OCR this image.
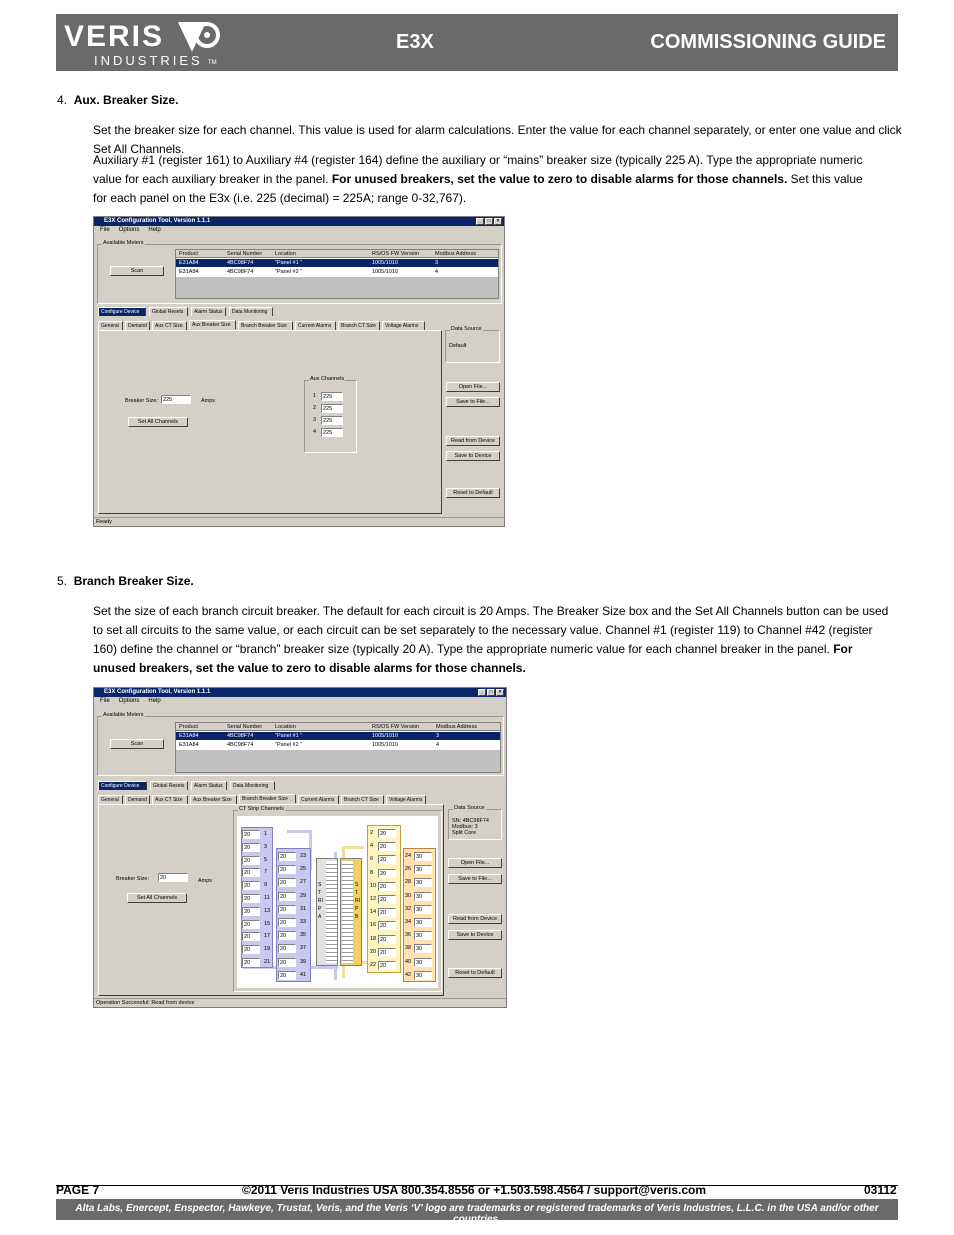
VERIS
INDUSTRIES TM
E3X	COMMISSIONING GUIDE
4. Aux. Breaker Size.
Set the breaker size for each channel. This value is used for alarm calculations. Enter the value for each channel separately, or enter one value and click Set All Channels.
Auxiliary #1 (register 161) to Auxiliary #4 (register 164) define the auxiliary or “mains” breaker size (typically 225 A). Type the appropriate numeric value for each auxiliary breaker in the panel. For unused breakers, set the value to zero to disable alarms for those channels. Set this value for each panel on the E3x (i.e. 225 (decimal) = 225A; range 0-32,767).
E3X Configuration Tool, Version 1.1.1	_	□	×
File Options Help
Available Meters
Scan
Product	Serial Number Location	RS/OS FW Version	Modbus Address
E31A84	4BC98F74	"Panel #1 "	1005/1010	3
E31A84	4BC98F74	"Panel #2 "	1005/1010	4
Configure Device	Global Resets	Alarm Status	Data Monitoring
General	Demand	Aux CT Size	Aux Breaker Size	Branch Breaker Size	Current Alarms	Branch CT Size	Voltage Alarms
Breaker Size: 225	Amps
Set All Channels
Aux Channels
Data Source
Default
Open File...
Save to File...
Read from Device
Save to Device
Reset to Default
Ready
1	225
2	225
3	225
4	225
5. Branch Breaker Size.
Set the size of each branch circuit breaker. The default for each circuit is 20 Amps. The Breaker Size box and the Set All Channels button can be used to set all circuits to the same value, or each circuit can be set separately to the necessary value. Channel #1 (register 119) to Channel #42 (register 160) define the channel or “branch” breaker size (typically 20 A). Type the appropriate numeric value for each channel breaker in the panel. For unused breakers, set the value to zero to disable alarms for those channels.
E3X Configuration Tool, Version 1.1.1	_	□	×
File Options Help
Available Meters
Scan
Product	Serial Number Location	RS/OS FW Version	Modbus Address
E31A84	4BC98F74	"Panel #1 "	1005/1010	3
E31A84	4BC98F74	"Panel #2 "	1005/1010	4
Configure Device	Global Resets	Alarm Status	Data Monitoring
General	Demand	Aux CT Size	Aux Breaker Size	Branch Breaker Size	Current Alarms	Branch CT Size	Voltage Alarms
Breaker Size:	20	Amps
Set All Channels
CT Strip Channels
20	1
20	3
20	5
20	7
20	9
20	11
20	13
20	15
20	17
20	19
20	21
20	23
20	25
20	27
20	29
20	31
20	33
20	35
20	37
20	39
20	41
STRIP A
STRIP B
2	20
4	20
6	20
8	20
10 20
12 20
14 20
16 20
18 20
20 20
22 20
24 30
26 30
28 30
30 30
32 30
34 30
36 30
38 30
40 30
42 30
Data Source
SN: 4BC98F74
Modbus: 3
Split Core
Open File...
Save to File...
Read from Device
Save to Device
Reset to Default
Operation Successful: Read from device
PAGE 7	©2011 Veris Industries USA 800.354.8556 or +1.503.598.4564 / support@veris.com	03112
Alta Labs, Enercept, Enspector, Hawkeye, Trustat, Veris, and the Veris ‘V’ logo are trademarks or registered trademarks of Veris Industries, L.L.C. in the USA and/or other countries.
